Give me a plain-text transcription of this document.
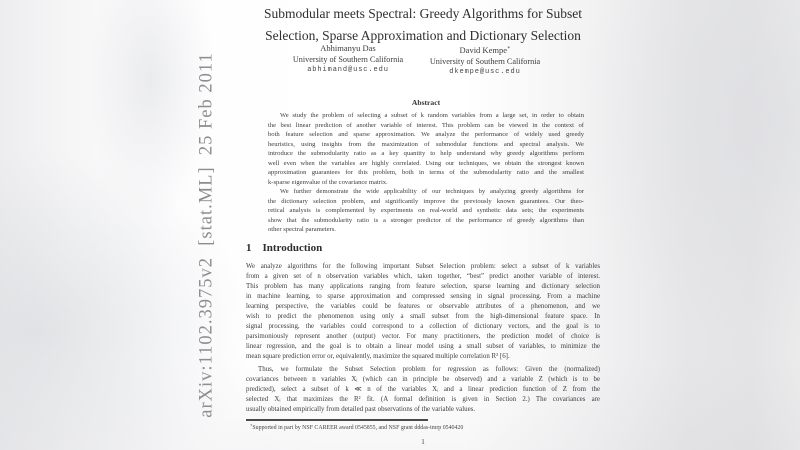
arXiv:1102.3975v2  [stat.ML]  25 Feb 2011
Submodular meets Spectral: Greedy Algorithms for Subset
Selection, Sparse Approximation and Dictionary Selection
Abhimanyu Das
University of Southern California
abhimand@usc.edu
David Kempe∗
University of Southern California
dkempe@usc.edu
Abstract
We study the problem of selecting a subset of k random variables from a large set, in order to obtain
the best linear prediction of another variable of interest. This problem can be viewed in the context of
both feature selection and sparse approximation. We analyze the performance of widely used greedy
heuristics, using insights from the maximization of submodular functions and spectral analysis. We
introduce the submodularity ratio as a key quantity to help understand why greedy algorithms perform
well even when the variables are highly correlated. Using our techniques, we obtain the strongest known
approximation guarantees for this problem, both in terms of the submodularity ratio and the smallest
k-sparse eigenvalue of the covariance matrix.
We further demonstrate the wide applicability of our techniques by analyzing greedy algorithms for
the dictionary selection problem, and significantly improve the previously known guarantees. Our theo-
retical analysis is complemented by experiments on real-world and synthetic data sets; the experiments
show that the submodularity ratio is a stronger predictor of the performance of greedy algorithms than
other spectral parameters.
1 Introduction
We analyze algorithms for the following important Subset Selection problem: select a subset of k variables
from a given set of n observation variables which, taken together, “best” predict another variable of interest.
This problem has many applications ranging from feature selection, sparse learning and dictionary selection
in machine learning, to sparse approximation and compressed sensing in signal processing. From a machine
learning perspective, the variables could be features or observable attributes of a phenomenon, and we
wish to predict the phenomenon using only a small subset from the high-dimensional feature space. In
signal processing, the variables could correspond to a collection of dictionary vectors, and the goal is to
parsimoniously represent another (output) vector. For many practitioners, the prediction model of choice is
linear regression, and the goal is to obtain a linear model using a small subset of variables, to minimize the
mean square prediction error or, equivalently, maximize the squared multiple correlation R² [6].
Thus, we formulate the Subset Selection problem for regression as follows: Given the (normalized)
covariances between n variables Xᵢ (which can in principle be observed) and a variable Z (which is to be
predicted), select a subset of k ≪ n of the variables Xᵢ and a linear prediction function of Z from the
selected Xᵢ that maximizes the R² fit. (A formal definition is given in Section 2.) The covariances are
usually obtained empirically from detailed past observations of the variable values.
∗Supported in part by NSF CAREER award 0545855, and NSF grant dddas-tmrp 0540420
1
